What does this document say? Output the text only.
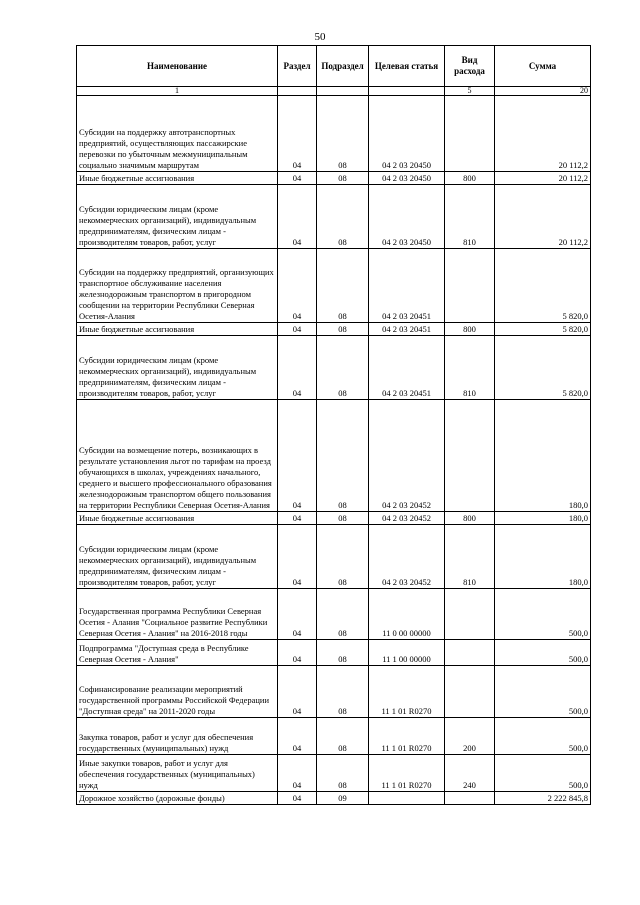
50
Наименование	Раздел	Подраздел	Целевая статья	Вид расхода	Сумма
1				5	20
Субсидии на поддержку автотранспортных предприятий, осуществляющих пассажирские перевозки по убыточным межмуниципальным социально значимым маршрутам	04	08	04 2 03 20450		20 112,2
Иные бюджетные ассигнования	04	08	04 2 03 20450	800	20 112,2
Субсидии юридическим лицам (кроме некоммерческих организаций), индивидуальным предпринимателям, физическим лицам - производителям товаров, работ, услуг	04	08	04 2 03 20450	810	20 112,2
Субсидии на поддержку предприятий, организующих транспортное обслуживание населения железнодорожным транспортом в пригородном сообщении на территории Республики Северная Осетия-Алания	04	08	04 2 03 20451		5 820,0
Иные бюджетные ассигнования	04	08	04 2 03 20451	800	5 820,0
Субсидии юридическим лицам (кроме некоммерческих организаций), индивидуальным предпринимателям, физическим лицам - производителям товаров, работ, услуг	04	08	04 2 03 20451	810	5 820,0
Субсидии на возмещение потерь, возникающих в результате установления льгот по тарифам на проезд обучающихся в школах, учреждениях начального, среднего и высшего профессионального образования железнодорожным транспортом общего пользования на территории Республики Северная Осетия-Алания	04	08	04 2 03 20452		180,0
Иные бюджетные ассигнования	04	08	04 2 03 20452	800	180,0
Субсидии юридическим лицам (кроме некоммерческих организаций), индивидуальным предпринимателям, физическим лицам - производителям товаров, работ, услуг	04	08	04 2 03 20452	810	180,0
Государственная программа Республики Северная Осетия - Алания "Социальное развитие Республики Северная Осетия - Алания" на 2016-2018 годы	04	08	11 0 00 00000		500,0
Подпрограмма "Доступная среда в Республике Северная Осетия - Алания"	04	08	11 1 00 00000		500,0
Софинансирование реализации мероприятий государственной программы Российской Федерации "Доступная среда" на 2011-2020 годы	04	08	11 1 01 R0270		500,0
Закупка товаров, работ и услуг для обеспечения государственных (муниципальных) нужд	04	08	11 1 01 R0270	200	500,0
Иные закупки товаров, работ и услуг для обеспечения государственных (муниципальных) нужд	04	08	11 1 01 R0270	240	500,0
Дорожное хозяйство (дорожные фонды)	04	09			2 222 845,8
